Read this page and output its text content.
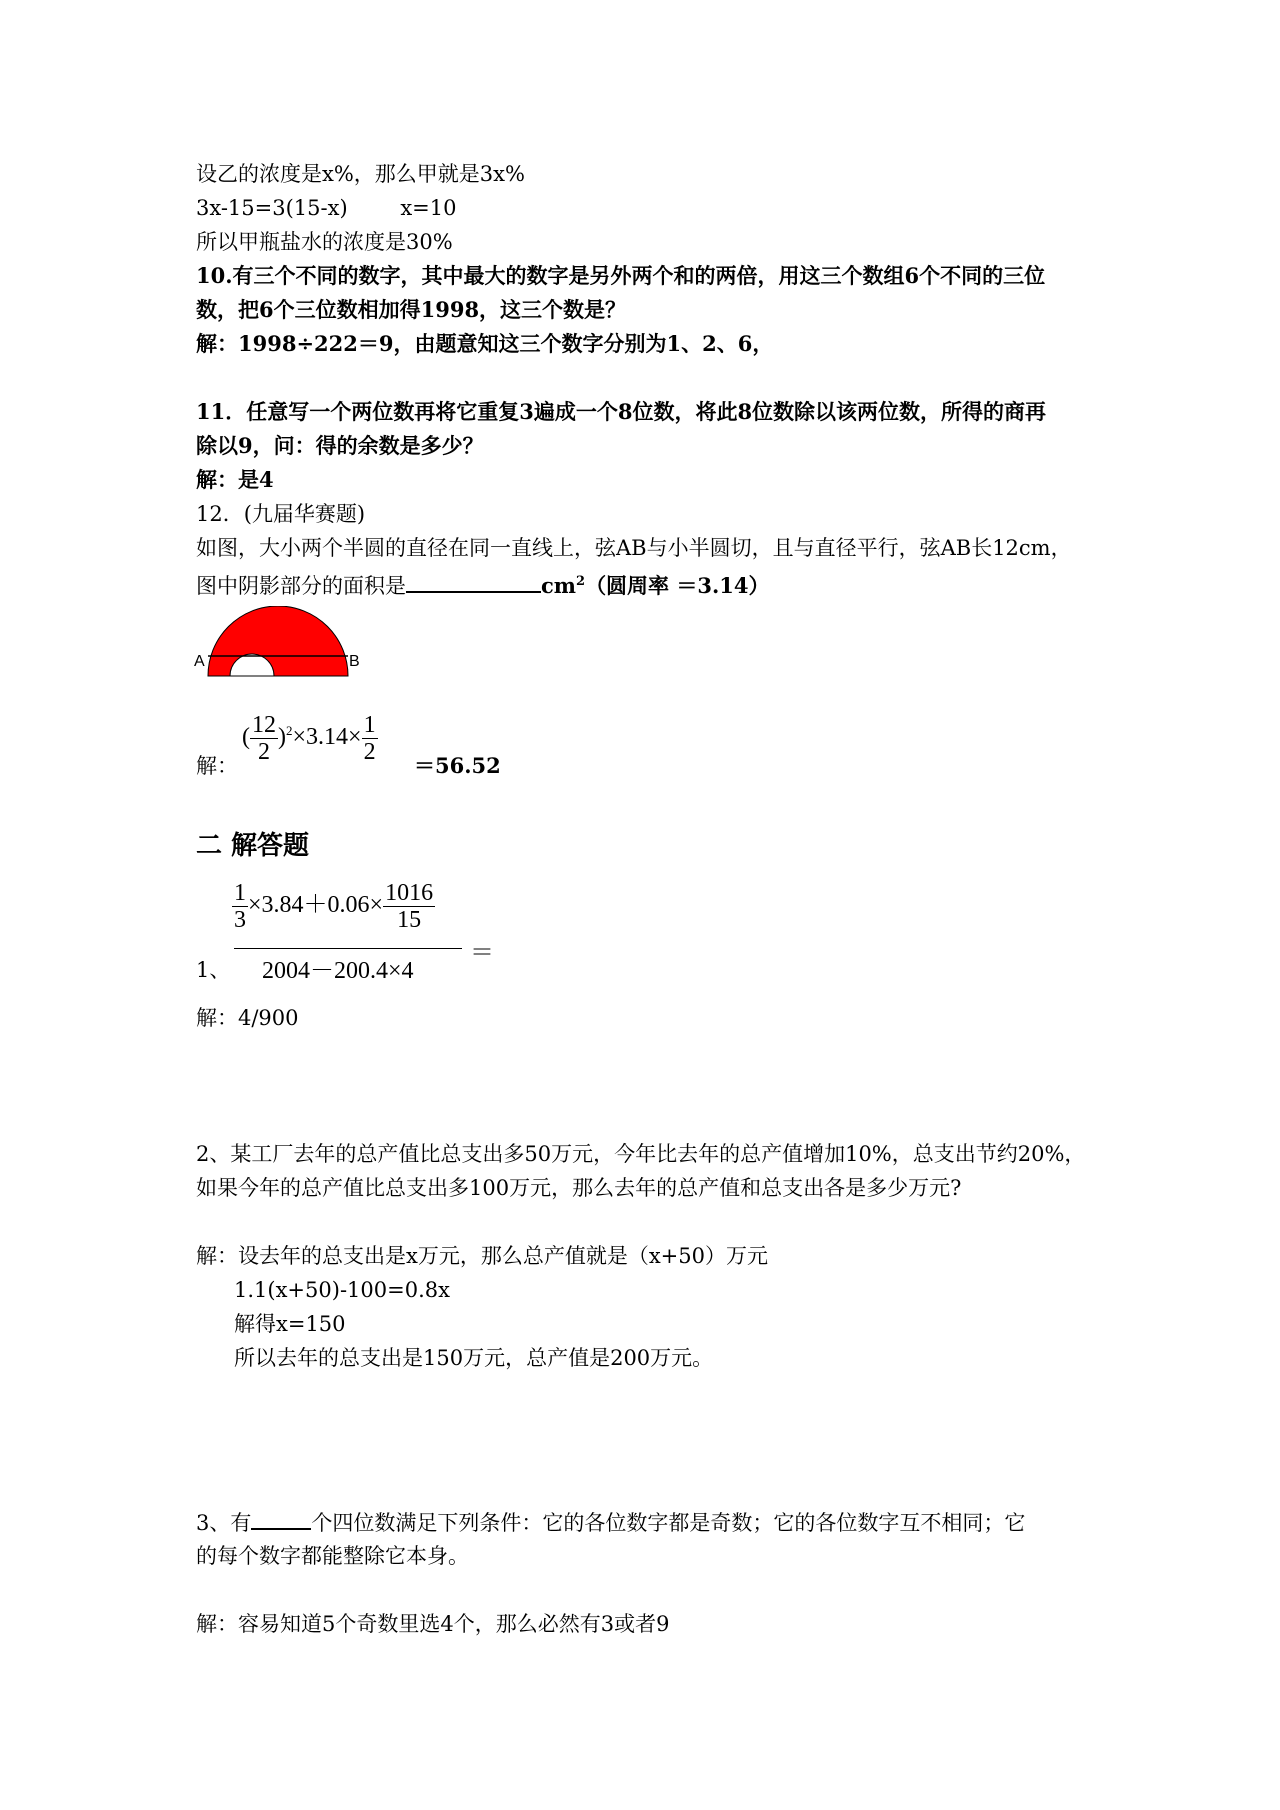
设乙的浓度是x%，那么甲就是3x%
3x-15=3(15-x)	x=10
所以甲瓶盐水的浓度是30%
10.有三个不同的数字，其中最大的数字是另外两个和的两倍，用这三个数组6个不同的三位
数，把6个三位数相加得1998，这三个数是？
解：1998÷222＝9，由题意知这三个数字分别为1、2、6，
11．任意写一个两位数再将它重复3遍成一个8位数，将此8位数除以该两位数，所得的商再
除以9，问：得的余数是多少？
解：是4
12．(九届华赛题)
如图，大小两个半圆的直径在同一直线上，弦AB与小半圆切，且与直径平行，弦AB长12cm，
图中阴影部分的面积是	$cm^2$（圆周率 ＝3.14）
A	B
解：
( $\frac{12}{2} )^2\times 3.14\times \frac{1}{2}$
＝56.52
二 解答题
$\frac{1}{3} \times 3.84+0.06\times \frac{1016}{15}$
2004－200.4×4
＝
1、
解：4/900
2、某工厂去年的总产值比总支出多50万元，今年比去年的总产值增加10%，总支出节约20%，
如果今年的总产值比总支出多100万元，那么去年的总产值和总支出各是多少万元?
解：设去年的总支出是x万元，那么总产值就是（x+50）万元
1.1(x+50)-100=0.8x
解得x=150
所以去年的总支出是150万元，总产值是200万元。
3、有	个四位数满足下列条件：它的各位数字都是奇数；它的各位数字互不相同；它
的每个数字都能整除它本身。
解：容易知道5个奇数里选4个，那么必然有3或者9
